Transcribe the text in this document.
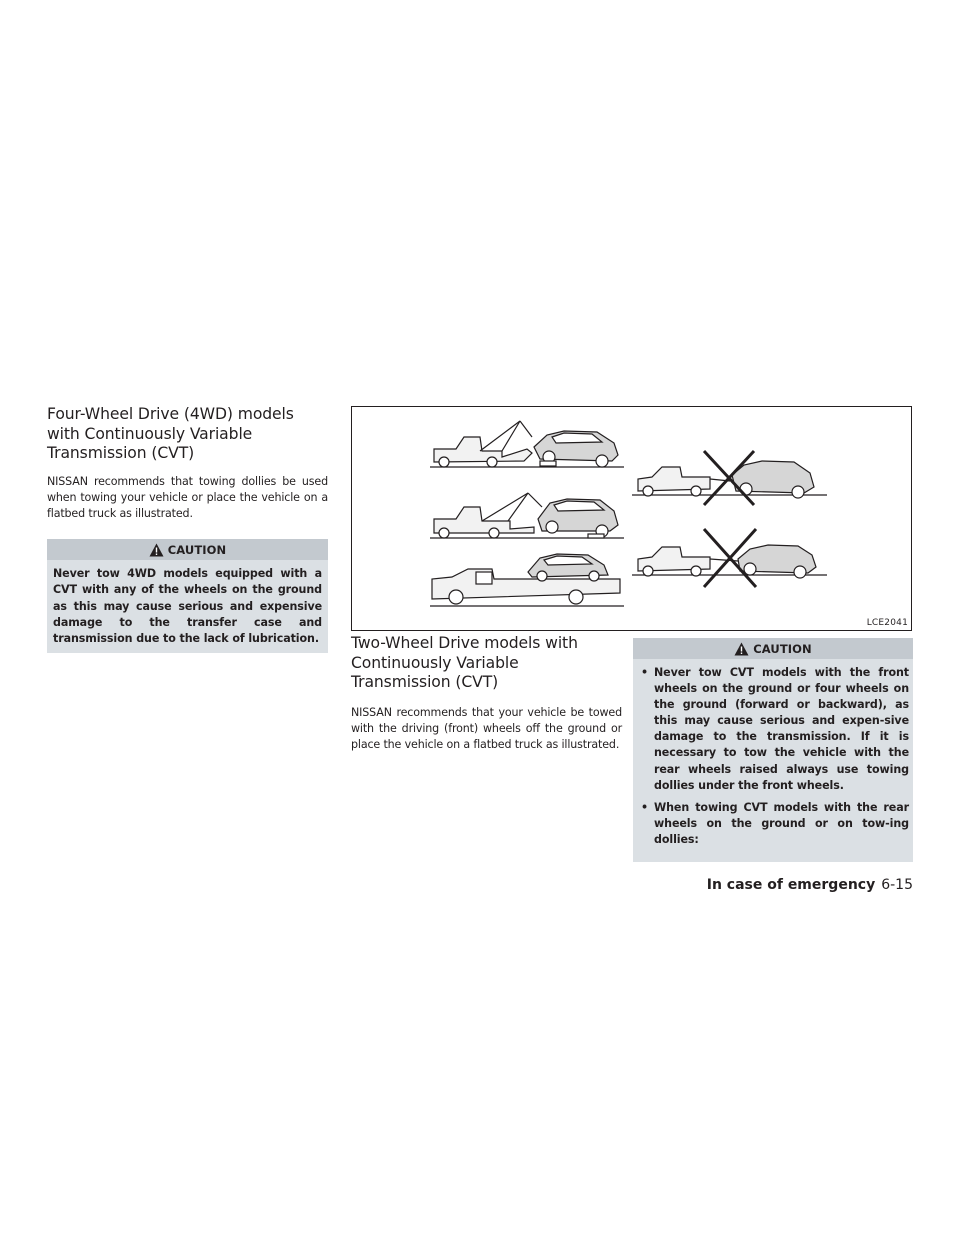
Four-Wheel Drive (4WD) models
with Continuously Variable
Transmission (CVT)

NISSAN recommends that towing dollies be used when towing your vehicle or place the vehicle on a flatbed truck as illustrated.

CAUTION
Never tow 4WD models equipped with a CVT with any of the wheels on the ground as this may cause serious and expensive damage to the transfer case and transmission due to the lack of lubrication.
LCE2041
Two-Wheel Drive models with
Continuously Variable
Transmission (CVT)

NISSAN recommends that your vehicle be towed with the driving (front) wheels off the ground or place the vehicle on a flatbed truck as illustrated.

CAUTION
• Never tow CVT models with the front wheels on the ground or four wheels on the ground (forward or backward), as this may cause serious and expen-sive damage to the transmission. If it is necessary to tow the vehicle with the rear wheels raised always use towing dollies under the front wheels.
• When towing CVT models with the rear wheels on the ground or on tow-ing dollies:
In case of emergency 6-15
